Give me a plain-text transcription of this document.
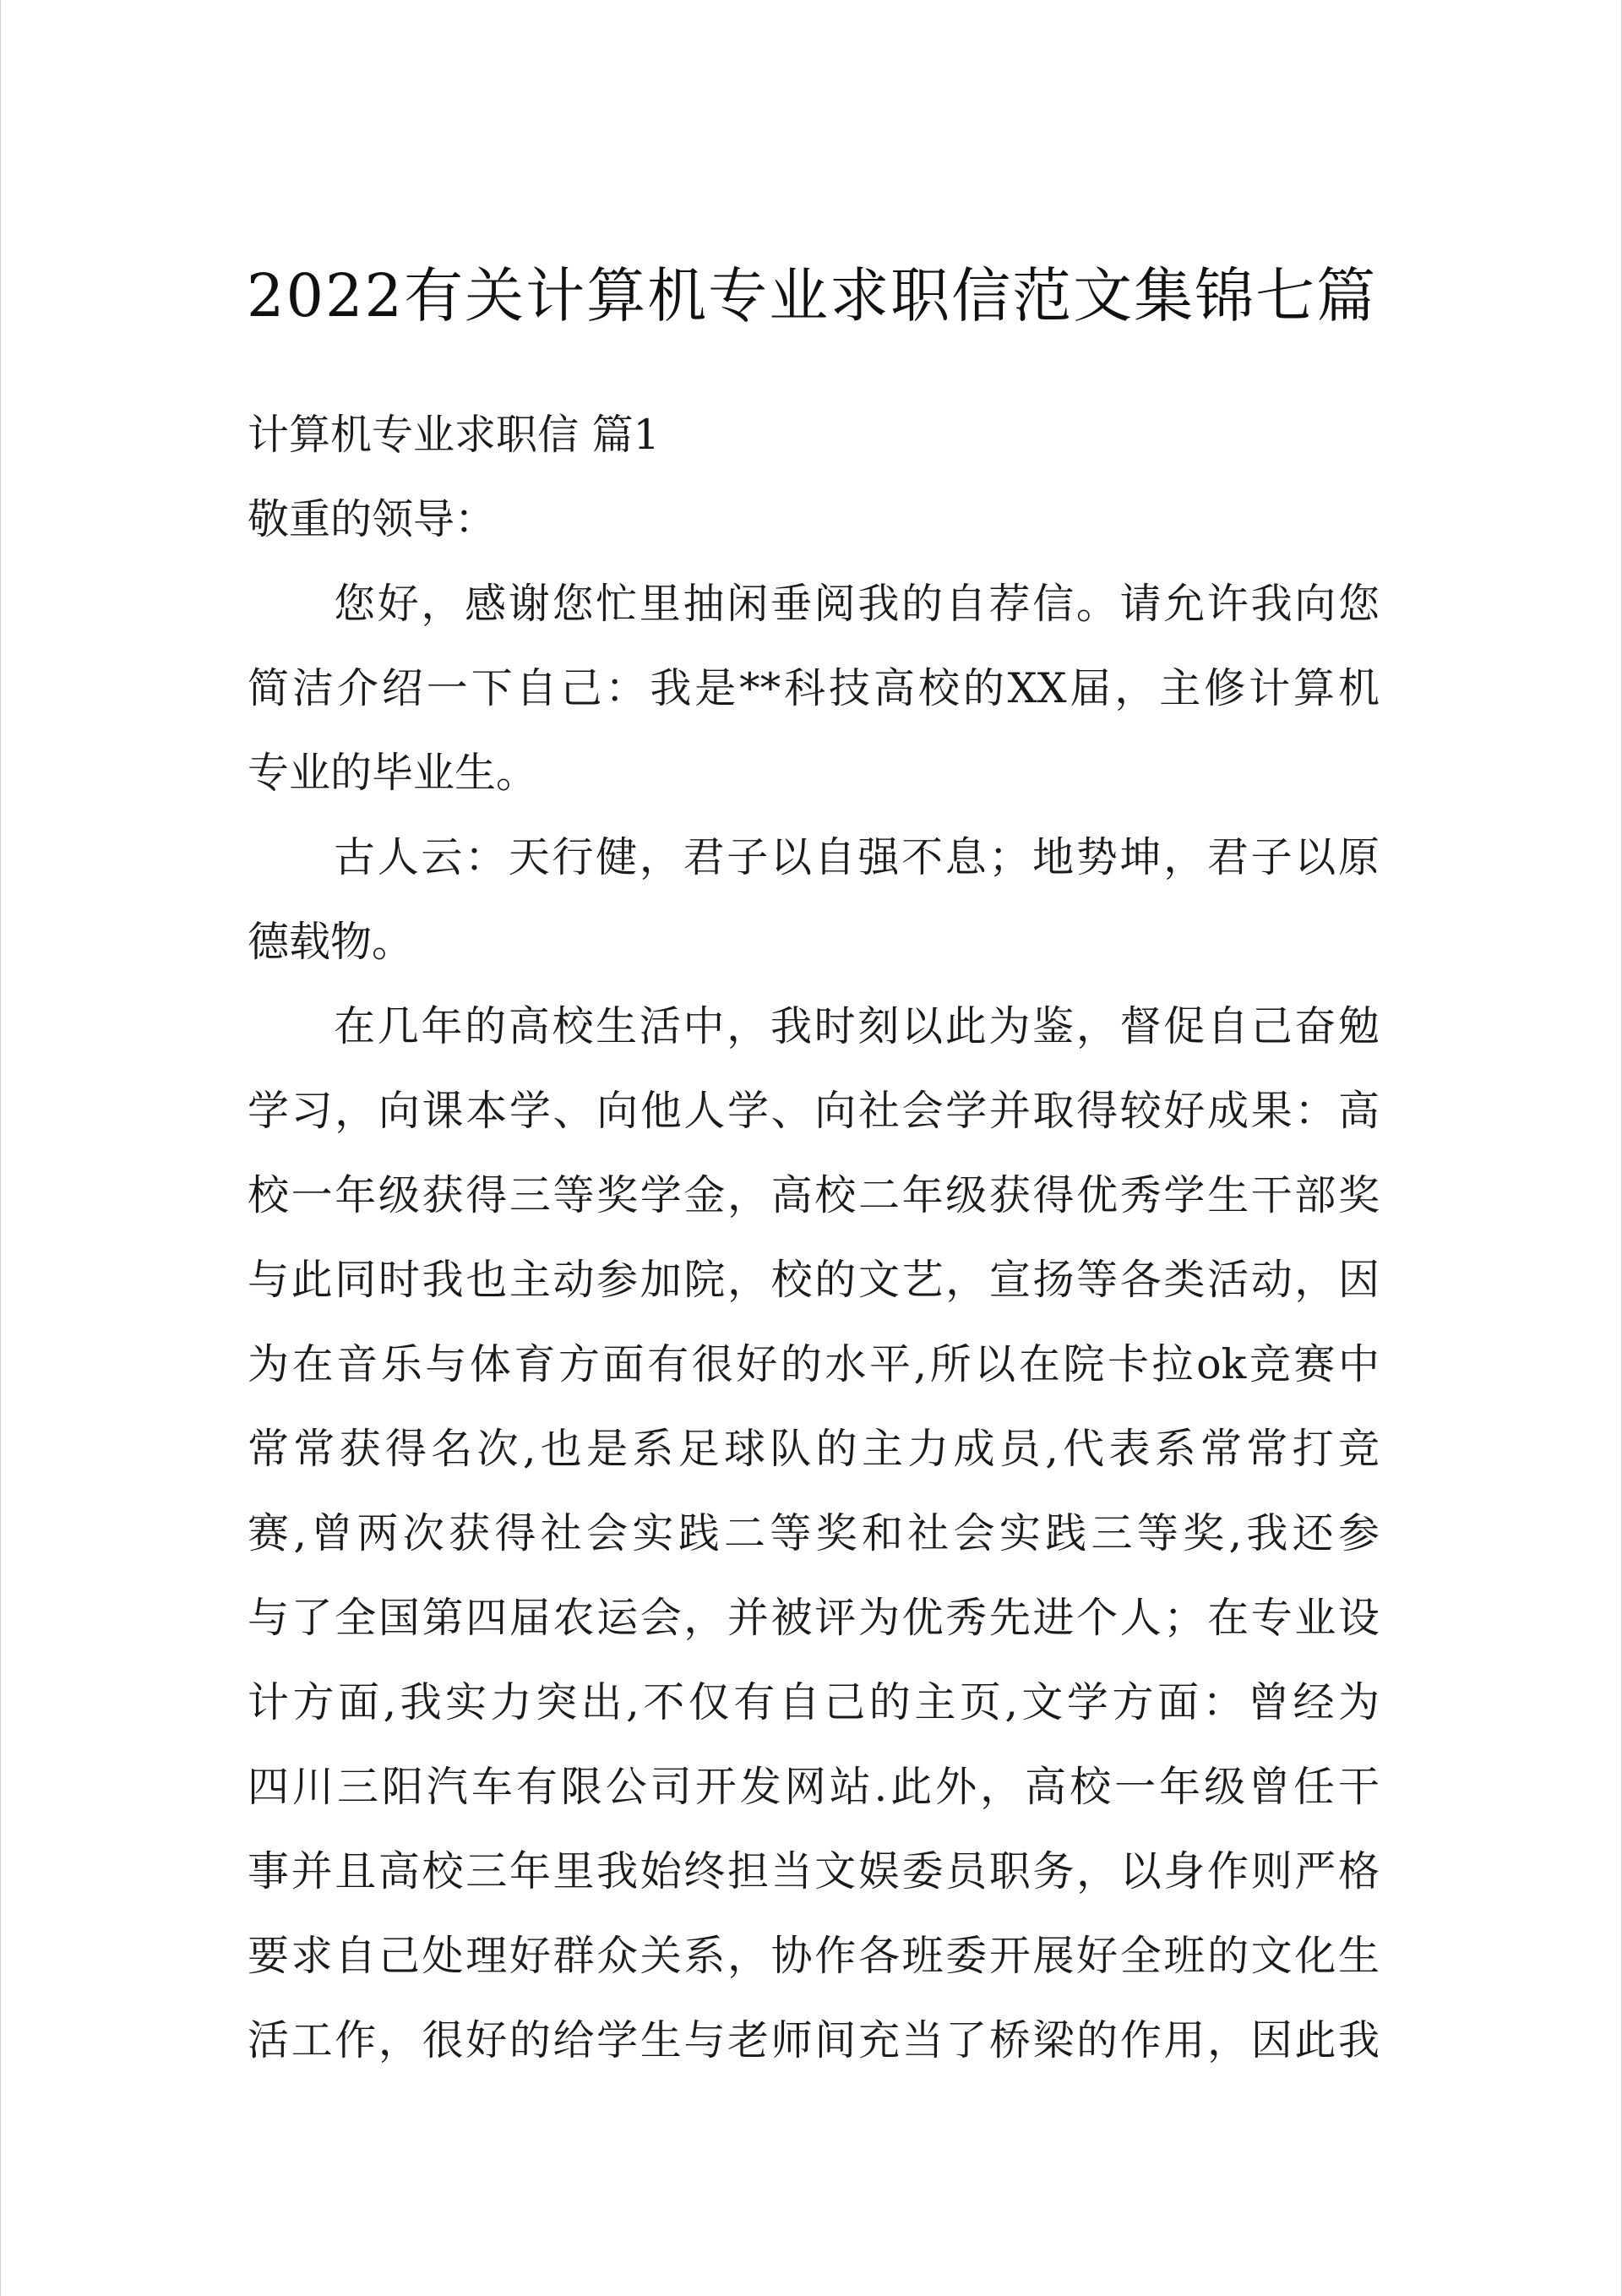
2022有关计算机专业求职信范文集锦七篇

计算机专业求职信 篇1

敬重的领导：

您好，感谢您忙里抽闲垂阅我的自荐信。请允许我向您

简洁介绍一下自己：我是**科技高校的XX届，主修计算机

专业的毕业生。

古人云：天行健，君子以自强不息；地势坤，君子以原

德载物。

在几年的高校生活中，我时刻以此为鉴，督促自己奋勉

学习，向课本学、向他人学、向社会学并取得较好成果：高

校一年级获得三等奖学金，高校二年级获得优秀学生干部奖

与此同时我也主动参加院，校的文艺，宣扬等各类活动，因

为在音乐与体育方面有很好的水平,所以在院卡拉ok竞赛中

常常获得名次,也是系足球队的主力成员,代表系常常打竞

赛,曾两次获得社会实践二等奖和社会实践三等奖,我还参

与了全国第四届农运会，并被评为优秀先进个人；在专业设

计方面,我实力突出,不仅有自己的主页,文学方面：曾经为

四川三阳汽车有限公司开发网站.此外，高校一年级曾任干

事并且高校三年里我始终担当文娱委员职务，以身作则严格

要求自己处理好群众关系，协作各班委开展好全班的文化生

活工作，很好的给学生与老师间充当了桥梁的作用，因此我
